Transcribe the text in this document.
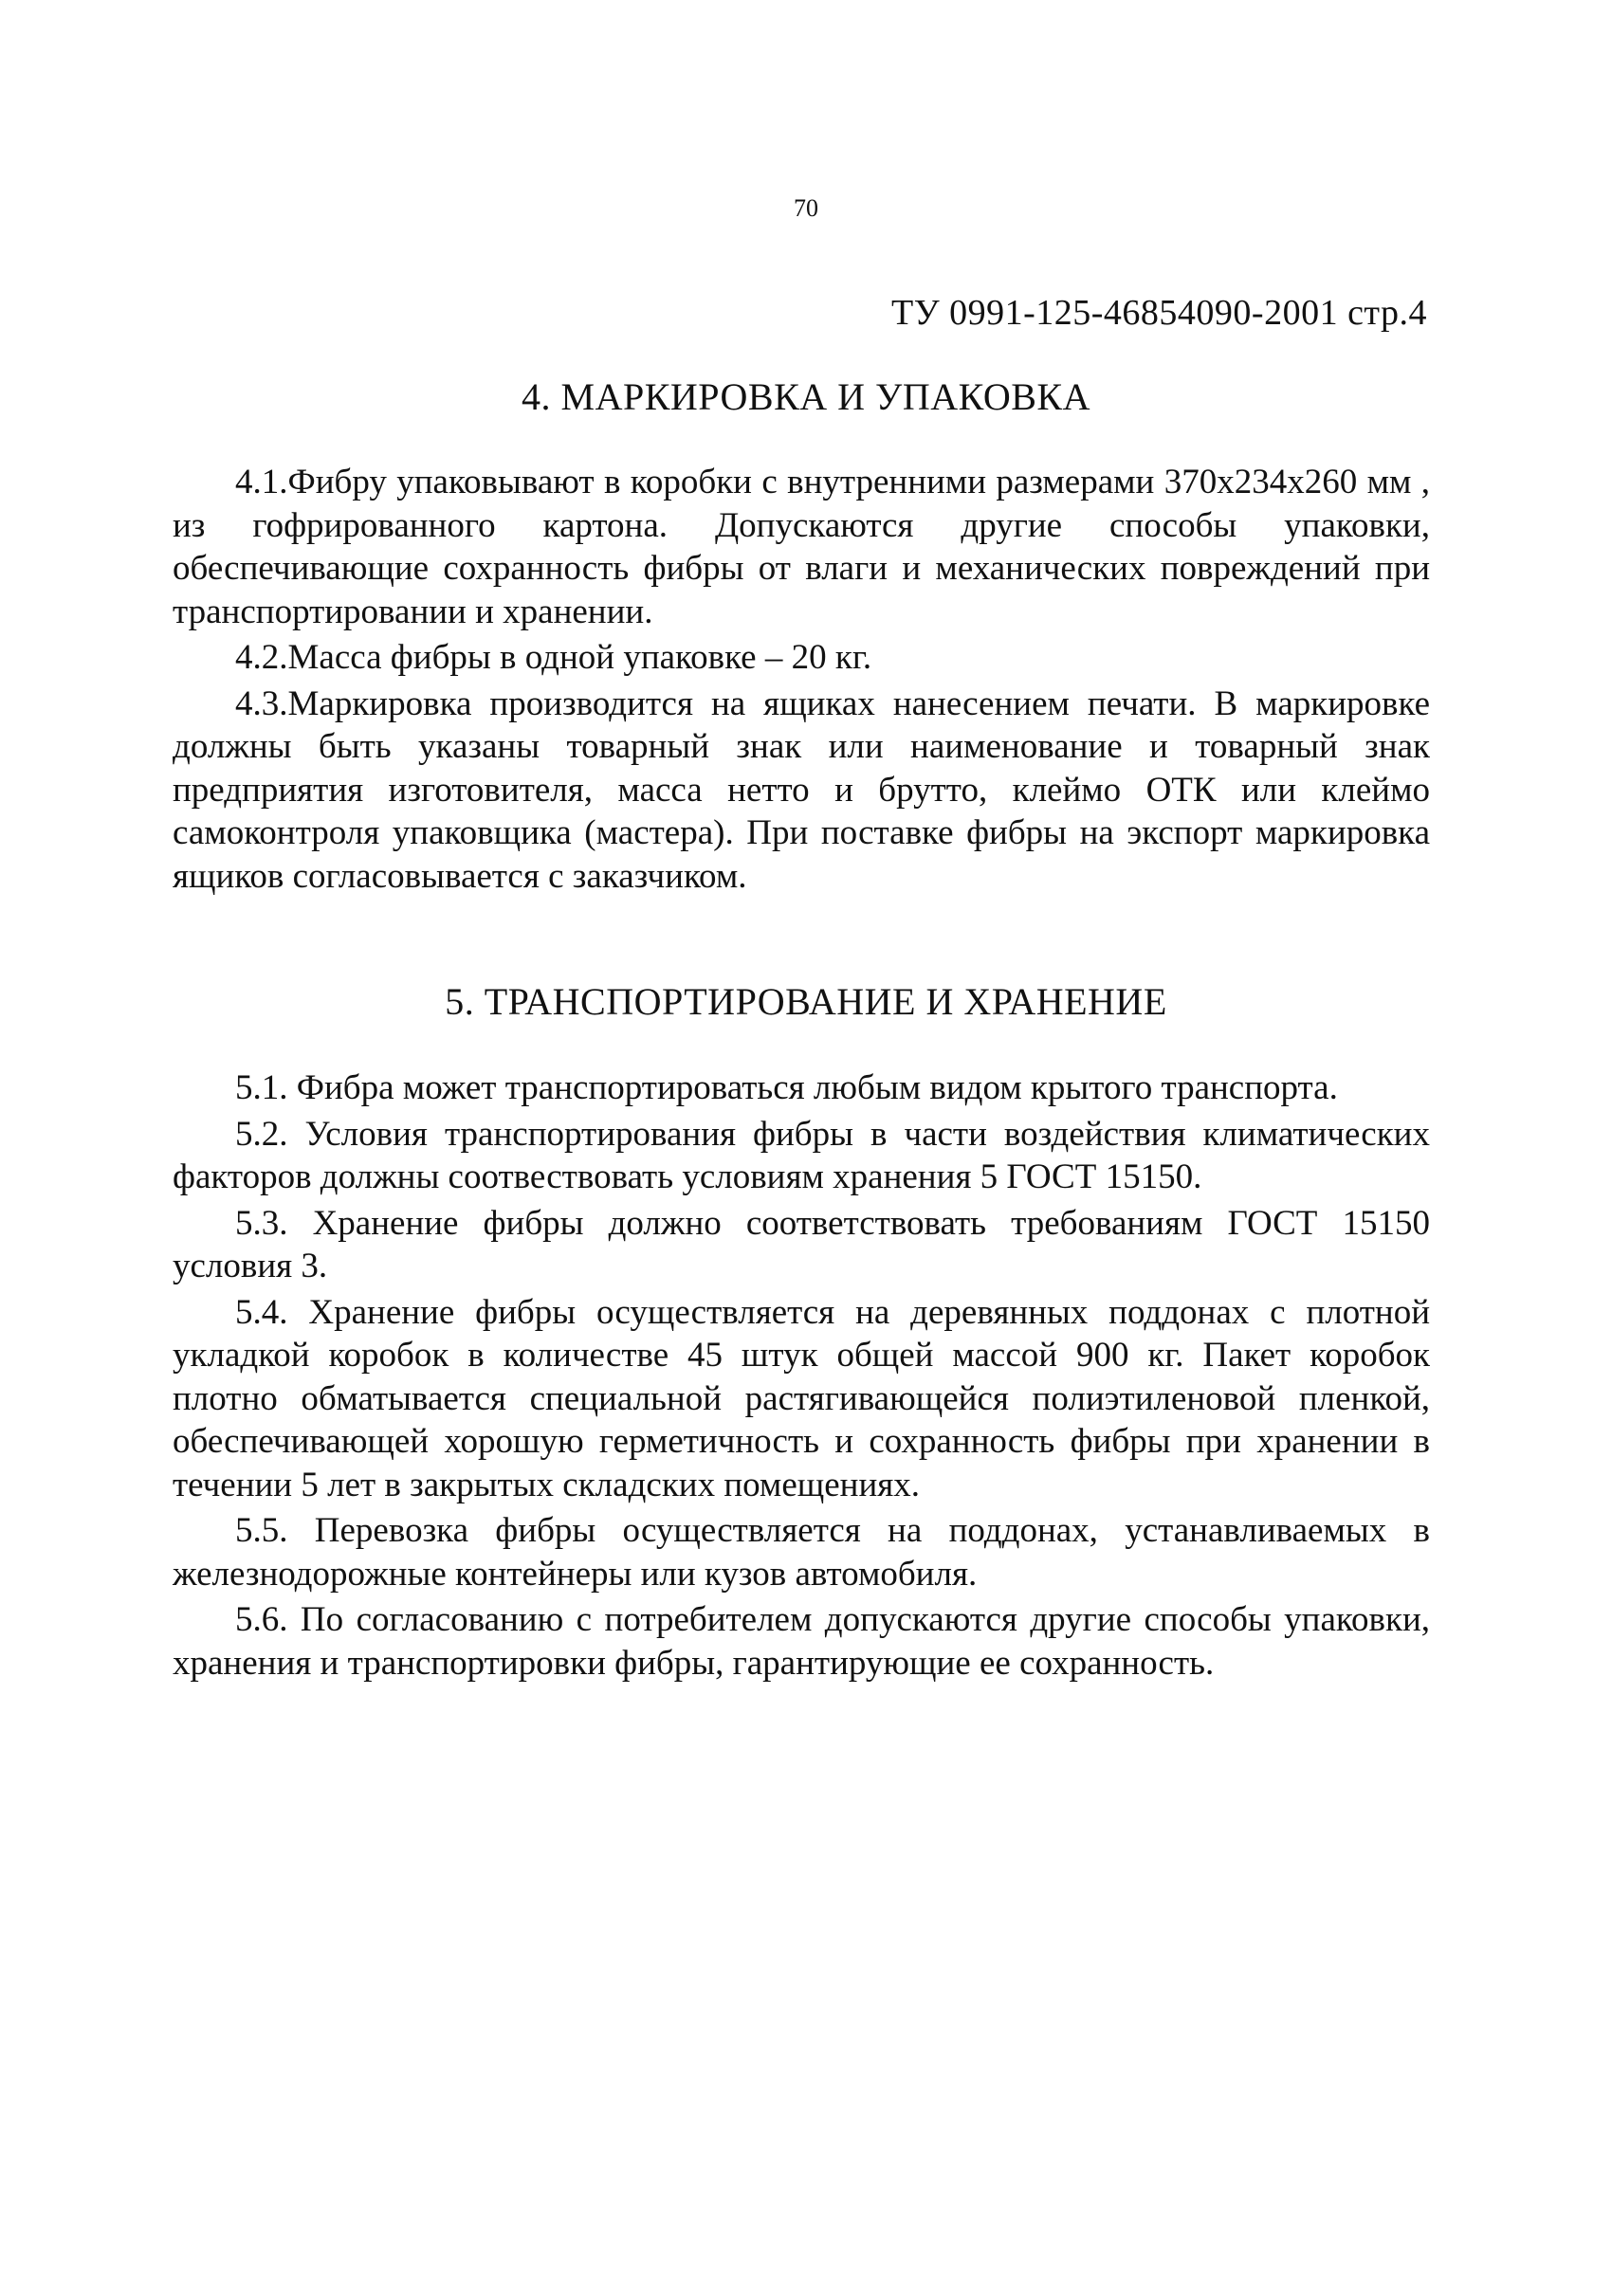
70
ТУ 0991-125-46854090-2001 стр.4
4. МАРКИРОВКА И УПАКОВКА

4.1.Фибру упаковывают в коробки с внутренними размерами 370х234х260 мм , из гофрированного картона. Допускаются другие способы упаковки, обеспечивающие сохранность фибры от влаги и механических повреждений при транспортировании и хранении.

4.2.Масса фибры в одной упаковке – 20 кг.

4.3.Маркировка производится на ящиках нанесением печати. В маркировке должны быть указаны товарный знак или наименование и товарный знак предприятия изготовителя, масса нетто и брутто, клеймо ОТК или клеймо самоконтроля упаковщика (мастера). При поставке фибры на экспорт маркировка ящиков согласовывается с заказчиком.

5. ТРАНСПОРТИРОВАНИЕ И ХРАНЕНИЕ

5.1. Фибра может транспортироваться любым видом крытого транспорта.

5.2. Условия транспортирования фибры в части воздействия климатических факторов должны соотвествовать условиям хранения 5 ГОСТ 15150.

5.3. Хранение фибры должно соответствовать требованиям ГОСТ 15150 условия 3.

5.4. Хранение фибры осуществляется на деревянных поддонах с плотной укладкой коробок в количестве 45 штук общей массой 900 кг. Пакет коробок плотно обматывается специальной растягивающейся полиэтиленовой пленкой, обеспечивающей хорошую герметичность и сохранность фибры при хранении в течении 5 лет в закрытых складских помещениях.

5.5. Перевозка фибры осуществляется на поддонах, устанавливаемых в железнодорожные контейнеры или кузов автомобиля.

5.6. По согласованию с потребителем допускаются другие способы упаковки, хранения и транспортировки фибры, гарантирующие ее сохранность.
